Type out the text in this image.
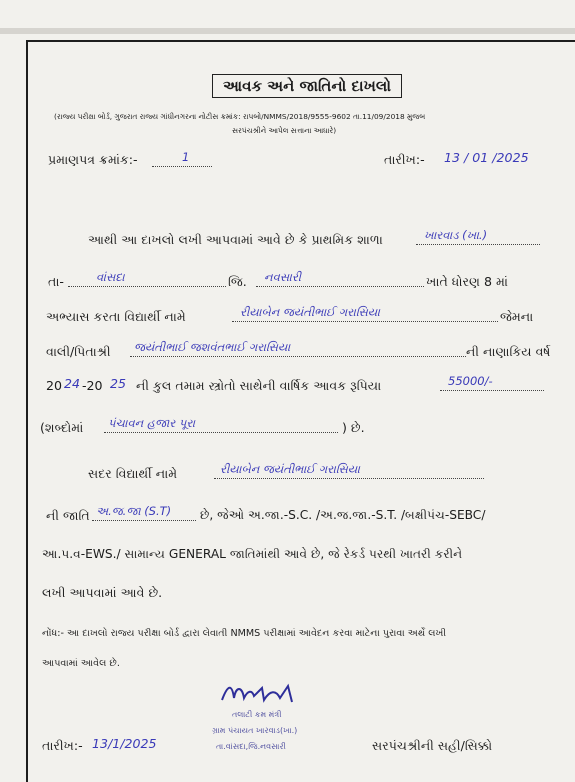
આવક અને જાતિનો દાખલો
(રાજ્ય પરીક્ષા બોર્ડ, ગુજરાત રાજ્ય ગાંધીનગરના નોટીસ ક્રમાંક: રાપબો/NMMS/2018/9555-9602 તા.11/09/2018 મુજબ
સરપંચશ્રીને આપેલ સત્તાના આધારે)
પ્રમાણપત્ર ક્રમાંક:-	1	તારીખ:- 13 / 01 /2025
આથી આ દાખલો લખી આપવામાં આવે છે કે પ્રાથમિક શાળા	ખારવાડ (ખા.)
તા-	વાંસદા	જિ.	નવસારી	ખાતે ધોરણ 8 માં
અભ્યાસ કરતા વિદ્યાર્થી નામે	રીયાબેન જયંતીભાઈ ગરાસિયા	જેમના
વાલી/પિતાશ્રી	જયંતીભાઈ જશવંતભાઈ ગરાસિયા	ની નાણાકિય વર્ષ
20 24 -20 25 ની કુલ તમામ સ્ત્રોતો સાથેની વાર્ષિક આવક રૂપિયા	55000/-
(શબ્દોમાં	પંચાવન હજાર પૂરા	) છે.
સદર વિદ્યાર્થી નામે	રીયાબેન જયંતીભાઈ ગરાસિયા
ની જાતિ અ.જ.જા (S.T)	છે, જેઓ અ.જા.-S.C. /અ.જ.જા.-S.T. /બક્ષીપંચ-SEBC/
આ.પ.વ-EWS./ સામાન્ય GENERAL જાતિમાંથી આવે છે, જે રેકર્ડ પરથી ખાતરી કરીને
લખી આપવામાં આવે છે.
નોંધ:- આ દાખલો રાજ્ય પરીક્ષા બોર્ડ દ્વારા લેવાતી NMMS પરીક્ષામાં આવેદન કરવા માટેના પુરાવા અર્થે લખી
આપવામાં આવેલ છે.
તલાટી કમ મંત્રી
ગ્રામ પંચાયત ખારવાડ(ખા.)
તા.વાંસદા,જિ.નવસારી
તારીખ:- 13/1/2025	સરપંચશ્રીની સહી/સિક્કો
